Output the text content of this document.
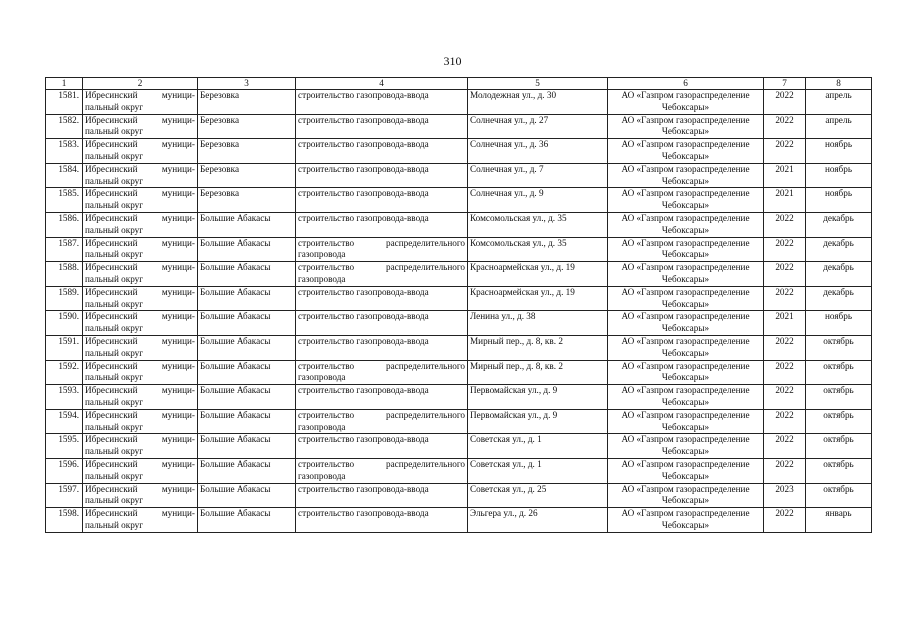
310
1	2	3	4	5	6	7	8
1581.	Ибресинский муници-пальный округ	Березовка	строительство газопровода-ввода	Молодежная ул., д. 30	АО «Газпром газораспределение Чебоксары»	2022	апрель
1582.	Ибресинский муници-пальный округ	Березовка	строительство газопровода-ввода	Солнечная ул., д. 27	АО «Газпром газораспределение Чебоксары»	2022	апрель
1583.	Ибресинский муници-пальный округ	Березовка	строительство газопровода-ввода	Солнечная ул., д. 36	АО «Газпром газораспределение Чебоксары»	2022	ноябрь
1584.	Ибресинский муници-пальный округ	Березовка	строительство газопровода-ввода	Солнечная ул., д. 7	АО «Газпром газораспределение Чебоксары»	2021	ноябрь
1585.	Ибресинский муници-пальный округ	Березовка	строительство газопровода-ввода	Солнечная ул., д. 9	АО «Газпром газораспределение Чебоксары»	2021	ноябрь
1586.	Ибресинский муници-пальный округ	Большие Абакасы	строительство газопровода-ввода	Комсомольская ул., д. 35	АО «Газпром газораспределение Чебоксары»	2022	декабрь
1587.	Ибресинский муници-пальный округ	Большие Абакасы	строительство распределительного газопровода	Комсомольская ул., д. 35	АО «Газпром газораспределение Чебоксары»	2022	декабрь
1588.	Ибресинский муници-пальный округ	Большие Абакасы	строительство распределительного газопровода	Красноармейская ул., д. 19	АО «Газпром газораспределение Чебоксары»	2022	декабрь
1589.	Ибресинский муници-пальный округ	Большие Абакасы	строительство газопровода-ввода	Красноармейская ул., д. 19	АО «Газпром газораспределение Чебоксары»	2022	декабрь
1590.	Ибресинский муници-пальный округ	Большие Абакасы	строительство газопровода-ввода	Ленина ул., д. 38	АО «Газпром газораспределение Чебоксары»	2021	ноябрь
1591.	Ибресинский муници-пальный округ	Большие Абакасы	строительство газопровода-ввода	Мирный пер., д. 8, кв. 2	АО «Газпром газораспределение Чебоксары»	2022	октябрь
1592.	Ибресинский муници-пальный округ	Большие Абакасы	строительство распределительного газопровода	Мирный пер., д. 8, кв. 2	АО «Газпром газораспределение Чебоксары»	2022	октябрь
1593.	Ибресинский муници-пальный округ	Большие Абакасы	строительство газопровода-ввода	Первомайская ул., д. 9	АО «Газпром газораспределение Чебоксары»	2022	октябрь
1594.	Ибресинский муници-пальный округ	Большие Абакасы	строительство распределительного газопровода	Первомайская ул., д. 9	АО «Газпром газораспределение Чебоксары»	2022	октябрь
1595.	Ибресинский муници-пальный округ	Большие Абакасы	строительство газопровода-ввода	Советская ул., д. 1	АО «Газпром газораспределение Чебоксары»	2022	октябрь
1596.	Ибресинский муници-пальный округ	Большие Абакасы	строительство распределительного газопровода	Советская ул., д. 1	АО «Газпром газораспределение Чебоксары»	2022	октябрь
1597.	Ибресинский муници-пальный округ	Большие Абакасы	строительство газопровода-ввода	Советская ул., д. 25	АО «Газпром газораспределение Чебоксары»	2023	октябрь
1598.	Ибресинский муници-пальный округ	Большие Абакасы	строительство газопровода-ввода	Эльгера ул., д. 26	АО «Газпром газораспределение Чебоксары»	2022	январь
